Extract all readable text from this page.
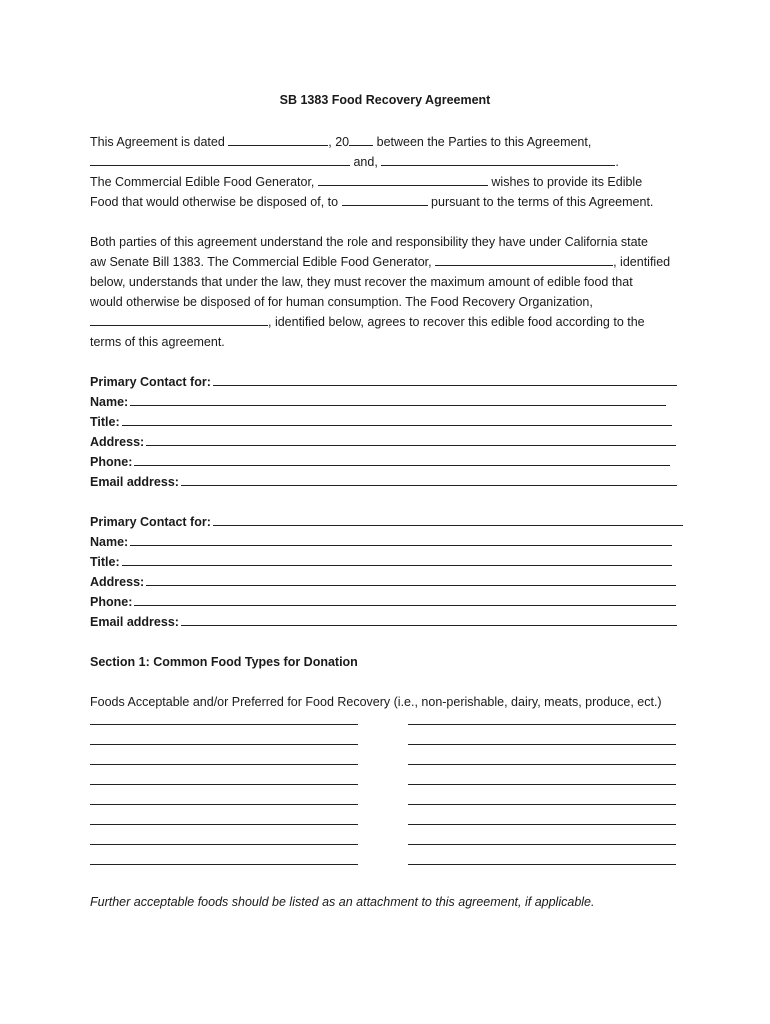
SB 1383 Food Recovery Agreement
This Agreement is dated	, 20 between the Parties to this Agreement,
and,	.
The Commercial Edible Food Generator,	wishes to provide its Edible
Food that would otherwise be disposed of, to	pursuant to the terms of this Agreement.
Both parties of this agreement understand the role and responsibility they have under California state
aw Senate Bill 1383. The Commercial Edible Food Generator,	, identified
below, understands that under the law, they must recover the maximum amount of edible food that
would otherwise be disposed of for human consumption. The Food Recovery Organization,
, identified below, agrees to recover this edible food according to the
terms of this agreement.
Primary Contact for:
Name:
Title:
Address:
Phone:
Email address:
Primary Contact for:
Name:
Title:
Address:
Phone:
Email address:
Section 1: Common Food Types for Donation
Foods Acceptable and/or Preferred for Food Recovery (i.e., non-perishable, dairy, meats, produce, ect.)
Further acceptable foods should be listed as an attachment to this agreement, if applicable.
